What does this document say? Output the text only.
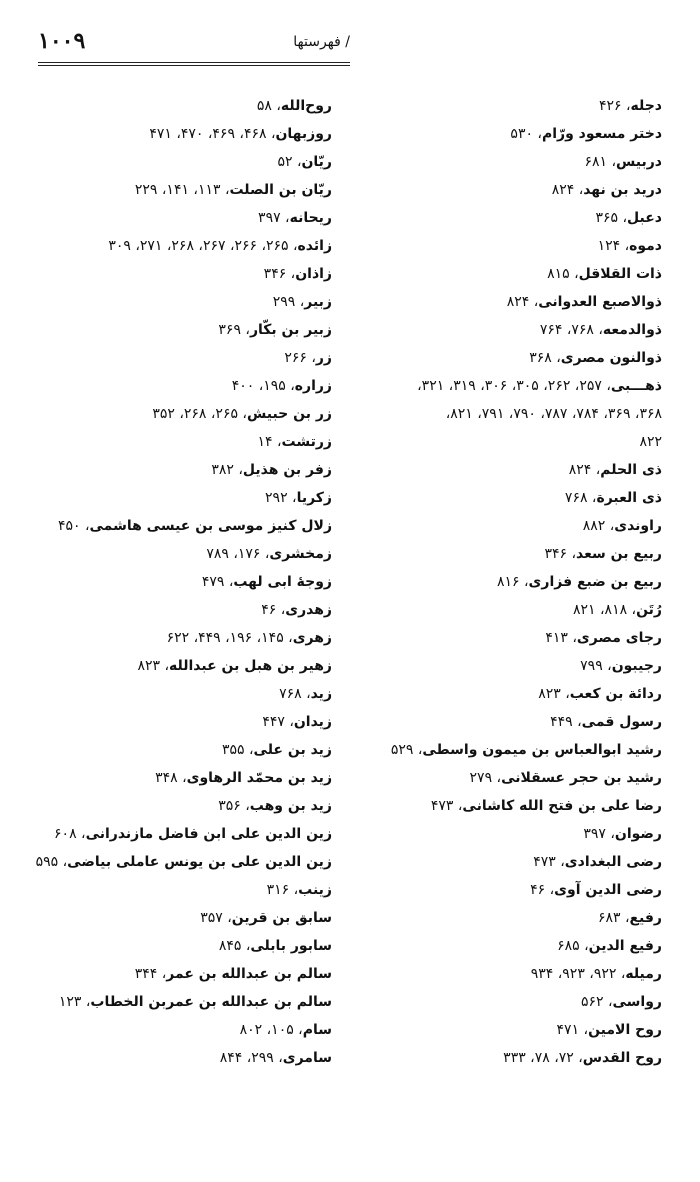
۱۰۰۹	/ فهرستها
دجله، ۴۲۶
دختر مسعود ورّام، ۵۳۰
دربیس، ۶۸۱
درید بن نهد، ۸۲۴
دعبل، ۳۶۵
دموه، ۱۲۴
ذات القلاقل، ۸۱۵
ذوالاصبع العدوانی، ۸۲۴
ذوالدمعه، ۷۶۸، ۷۶۴
ذوالنون مصری، ۳۶۸
ذهـــبی، ۲۵۷، ۲۶۲، ۳۰۵، ۳۰۶، ۳۱۹، ۳۲۱،
۳۶۸، ۳۶۹، ۷۸۴، ۷۸۷، ۷۹۰، ۷۹۱، ۸۲۱،
۸۲۲
ذی الحلم، ۸۲۴
ذی العبرة، ۷۶۸
راوندی، ۸۸۲
ربیع بن سعد، ۳۴۶
ربیع بن ضبع فزاری، ۸۱۶
رُتَن، ۸۱۸، ۸۲۱
رجای مصری، ۴۱۳
رجیبون، ۷۹۹
ردائة بن کعب، ۸۲۳
رسول قمی، ۴۴۹
رشید ابوالعباس بن میمون واسطی، ۵۲۹
رشید بن حجر عسقلانی، ۲۷۹
رضا علی بن فتح الله کاشانی، ۴۷۳
رضوان، ۳۹۷
رضی البغدادی، ۴۷۳
رضی الدین آوی، ۴۶
رفیع، ۶۸۳
رفیع الدین، ۶۸۵
رمیله، ۹۲۲، ۹۲۳، ۹۳۴
رواسی، ۵۶۲
روح الامین، ۴۷۱
روح القدس، ۷۲، ۷۸، ۳۳۳
روح‌الله، ۵۸
روزبهان، ۴۶۸، ۴۶۹، ۴۷۰، ۴۷۱
ریّان، ۵۲
ریّان بن الصلت، ۱۱۳، ۱۴۱، ۲۲۹
ریحانه، ۳۹۷
زائده، ۲۶۵، ۲۶۶، ۲۶۷، ۲۶۸، ۲۷۱، ۳۰۹
زاذان، ۳۴۶
زبیر، ۲۹۹
زبیر بن بکّار، ۳۶۹
زر، ۲۶۶
زراره، ۱۹۵، ۴۰۰
زر بن حبیش، ۲۶۵، ۲۶۸، ۳۵۲
زرتشت، ۱۴
زفر بن هذیل، ۳۸۲
زکریا، ۲۹۲
زلال کنیز موسی بن عیسی هاشمی، ۴۵۰
زمخشری، ۱۷۶، ۷۸۹
زوجهٔ ابی لهب، ۴۷۹
زهدری، ۴۶
زهری، ۱۴۵، ۱۹۶، ۴۴۹، ۶۲۲
زهیر بن هبل بن عبدالله، ۸۲۳
زید، ۷۶۸
زیدان، ۴۴۷
زید بن علی، ۳۵۵
زید بن محمّد الرهاوی، ۳۴۸
زید بن وهب، ۳۵۶
زین الدین علی ابن فاضل مازندرانی، ۶۰۸
زین الدین علی بن یونس عاملی بیاضی، ۵۹۵
زینب، ۳۱۶
سابق بن قرین، ۳۵۷
سابور بابلی، ۸۴۵
سالم بن عبدالله بن عمر، ۳۴۴
سالم بن عبدالله بن عمربن الخطاب، ۱۲۳
سام، ۱۰۵، ۸۰۲
سامری، ۲۹۹، ۸۴۴
